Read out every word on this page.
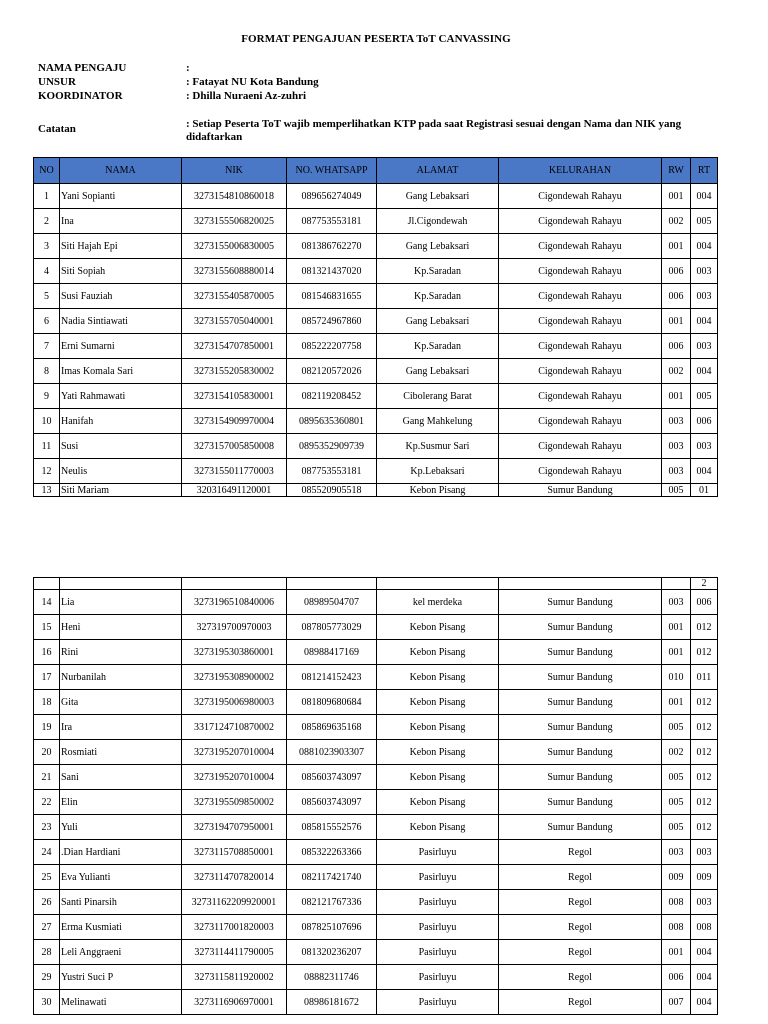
FORMAT PENGAJUAN PESERTA ToT CANVASSING
NAMA PENGAJU	:
UNSUR	: Fatayat NU Kota Bandung
KOORDINATOR	: Dhilla Nuraeni Az-zuhri
Catatan	: Setiap Peserta ToT wajib memperlihatkan KTP pada saat Registrasi sesuai dengan Nama dan NIK yang didaftarkan
NO	NAMA	NIK	NO. WHATSAPP	ALAMAT	KELURAHAN	RW	RT
1	Yani Sopianti	3273154810860018	089656274049	Gang Lebaksari	Cigondewah Rahayu	001	004
2	Ina	3273155506820025	087753553181	Jl.Cigondewah	Cigondewah Rahayu	002	005
3	Siti Hajah Epi	3273155006830005	081386762270	Gang Lebaksari	Cigondewah Rahayu	001	004
4	Siti Sopiah	3273155608880014	081321437020	Kp.Saradan	Cigondewah Rahayu	006	003
5	Susi Fauziah	3273155405870005	081546831655	Kp.Saradan	Cigondewah Rahayu	006	003
6	Nadia Sintiawati	3273155705040001	085724967860	Gang Lebaksari	Cigondewah Rahayu	001	004
7	Erni Sumarni	3273154707850001	085222207758	Kp.Saradan	Cigondewah Rahayu	006	003
8	Imas Komala Sari	3273155205830002	082120572026	Gang Lebaksari	Cigondewah Rahayu	002	004
9	Yati Rahmawati	3273154105830001	082119208452	Cibolerang Barat	Cigondewah Rahayu	001	005
10	Hanifah	3273154909970004	0895635360801	Gang Mahkelung	Cigondewah Rahayu	003	006
11	Susi	3273157005850008	0895352909739	Kp.Susmur Sari	Cigondewah Rahayu	003	003
12	Neulis	3273155011770003	087753553181	Kp.Lebaksari	Cigondewah Rahayu	003	004
13	Siti Mariam	320316491120001	085520905518	Kebon Pisang	Sumur Bandung	005	01
							2
14	Lia	3273196510840006	08989504707	kel merdeka	Sumur Bandung	003	006
15	Heni	327319700970003	087805773029	Kebon Pisang	Sumur Bandung	001	012
16	Rini	3273195303860001	08988417169	Kebon Pisang	Sumur Bandung	001	012
17	Nurbanilah	3273195308900002	081214152423	Kebon Pisang	Sumur Bandung	010	011
18	Gita	3273195006980003	081809680684	Kebon Pisang	Sumur Bandung	001	012
19	Ira	3317124710870002	085869635168	Kebon Pisang	Sumur Bandung	005	012
20	Rosmiati	3273195207010004	0881023903307	Kebon Pisang	Sumur Bandung	002	012
21	Sani	3273195207010004	085603743097	Kebon Pisang	Sumur Bandung	005	012
22	Elin	3273195509850002	085603743097	Kebon Pisang	Sumur Bandung	005	012
23	Yuli	3273194707950001	085815552576	Kebon Pisang	Sumur Bandung	005	012
24	.Dian Hardiani	3273115708850001	085322263366	Pasirluyu	Regol	003	003
25	Eva Yulianti	3273114707820014	082117421740	Pasirluyu	Regol	009	009
26	Santi Pinarsih	32731162209920001	082121767336	Pasirluyu	Regol	008	003
27	Erma Kusmiati	3273117001820003	087825107696	Pasirluyu	Regol	008	008
28	Leli Anggraeni	3273114411790005	081320236207	Pasirluyu	Regol	001	004
29	Yustri Suci P	3273115811920002	08882311746	Pasirluyu	Regol	006	004
30	Melinawati	3273116906970001	08986181672	Pasirluyu	Regol	007	004
